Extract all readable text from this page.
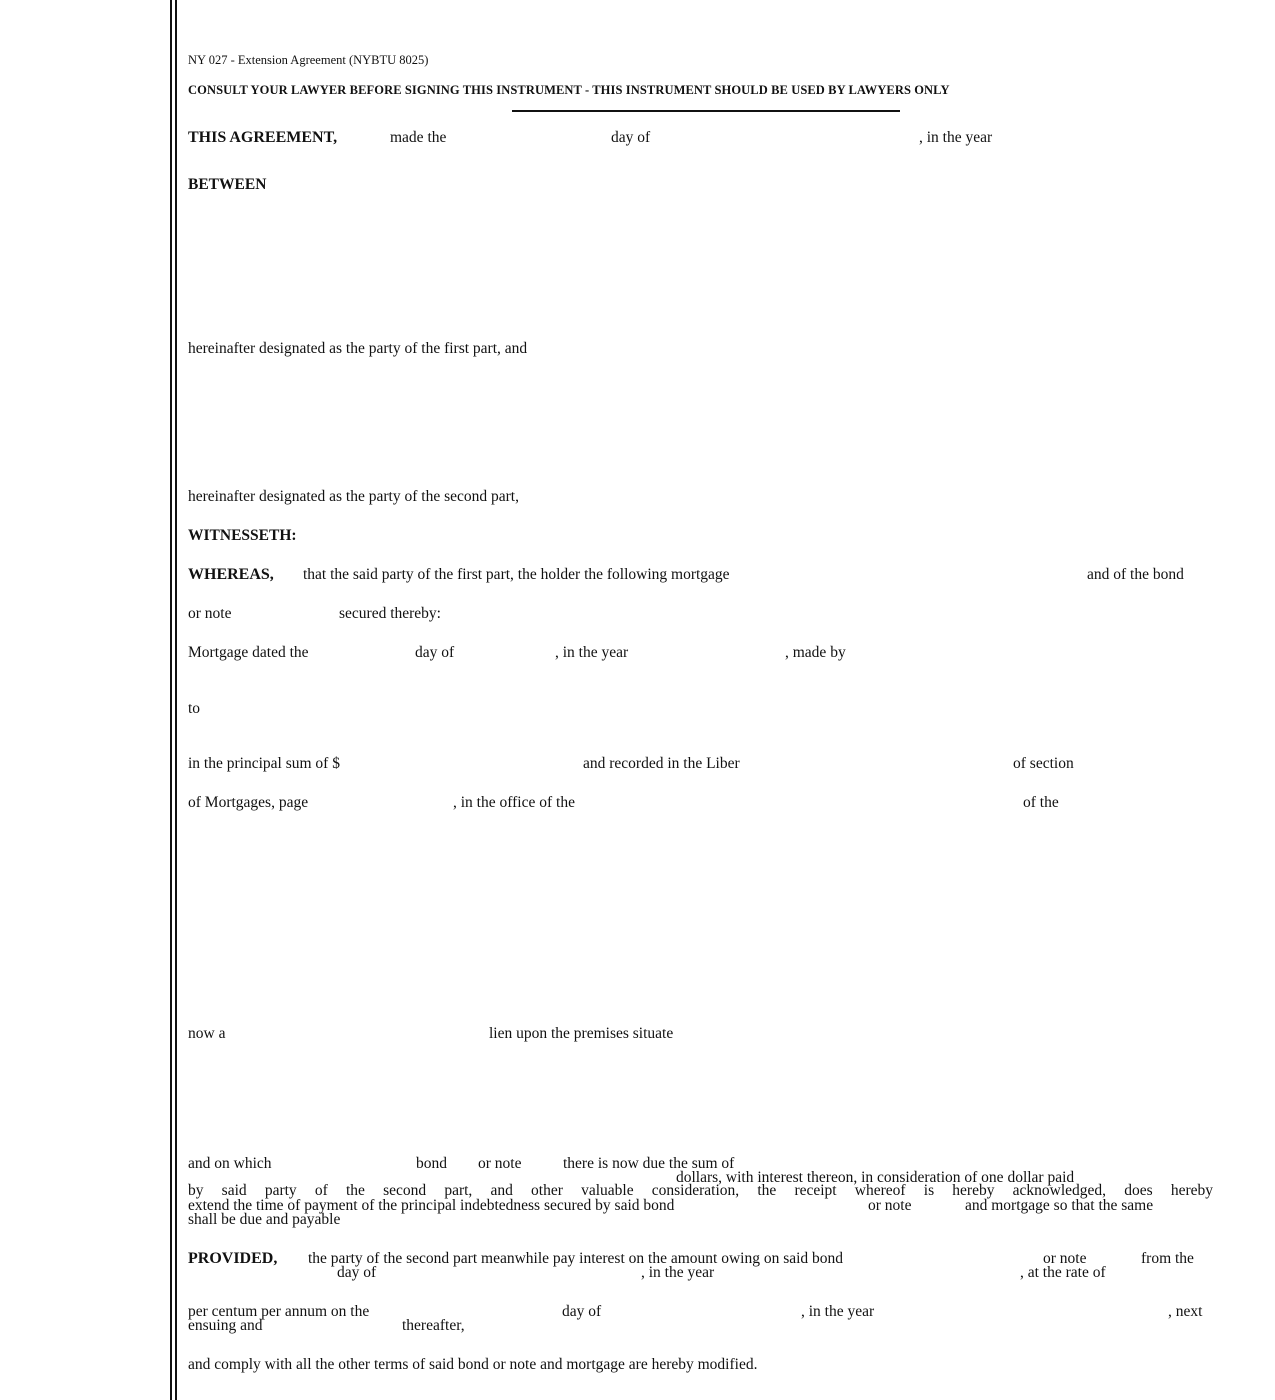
NY 027 - Extension Agreement (NYBTU 8025)
CONSULT YOUR LAWYER BEFORE SIGNING THIS INSTRUMENT - THIS INSTRUMENT SHOULD BE USED BY LAWYERS ONLY
THIS AGREEMENT,	made the	day of	, in the year
BETWEEN
hereinafter designated as the party of the first part, and
hereinafter designated as the party of the second part,
WITNESSETH:
WHEREAS, that the said party of the first part, the holder the following mortgage	and of the bond
or note	secured thereby:
Mortgage dated the	day of	, in the year	, made by
to
in the principal sum of $	and recorded in the Liber	of section
of Mortgages, page	, in the office of the	of the
now a	lien upon the premises situate
and on which	bond or note	there is now due the sum of
dollars, with interest thereon, in consideration of one dollar paid
by said party of the second part, and other valuable consideration, the receipt whereof is hereby acknowledged, does hereby
extend the time of payment of the principal indebtedness secured by said bond	or note	and mortgage so that the same
shall be due and payable
PROVIDED, the party of the second part meanwhile pay interest on the amount owing on said bond	or note	from the
day of	, in the year	, at the rate of
per centum per annum on the	day of	, in the year	, next
ensuing and	thereafter,
and comply with all the other terms of said bond or note and mortgage are hereby modified.
